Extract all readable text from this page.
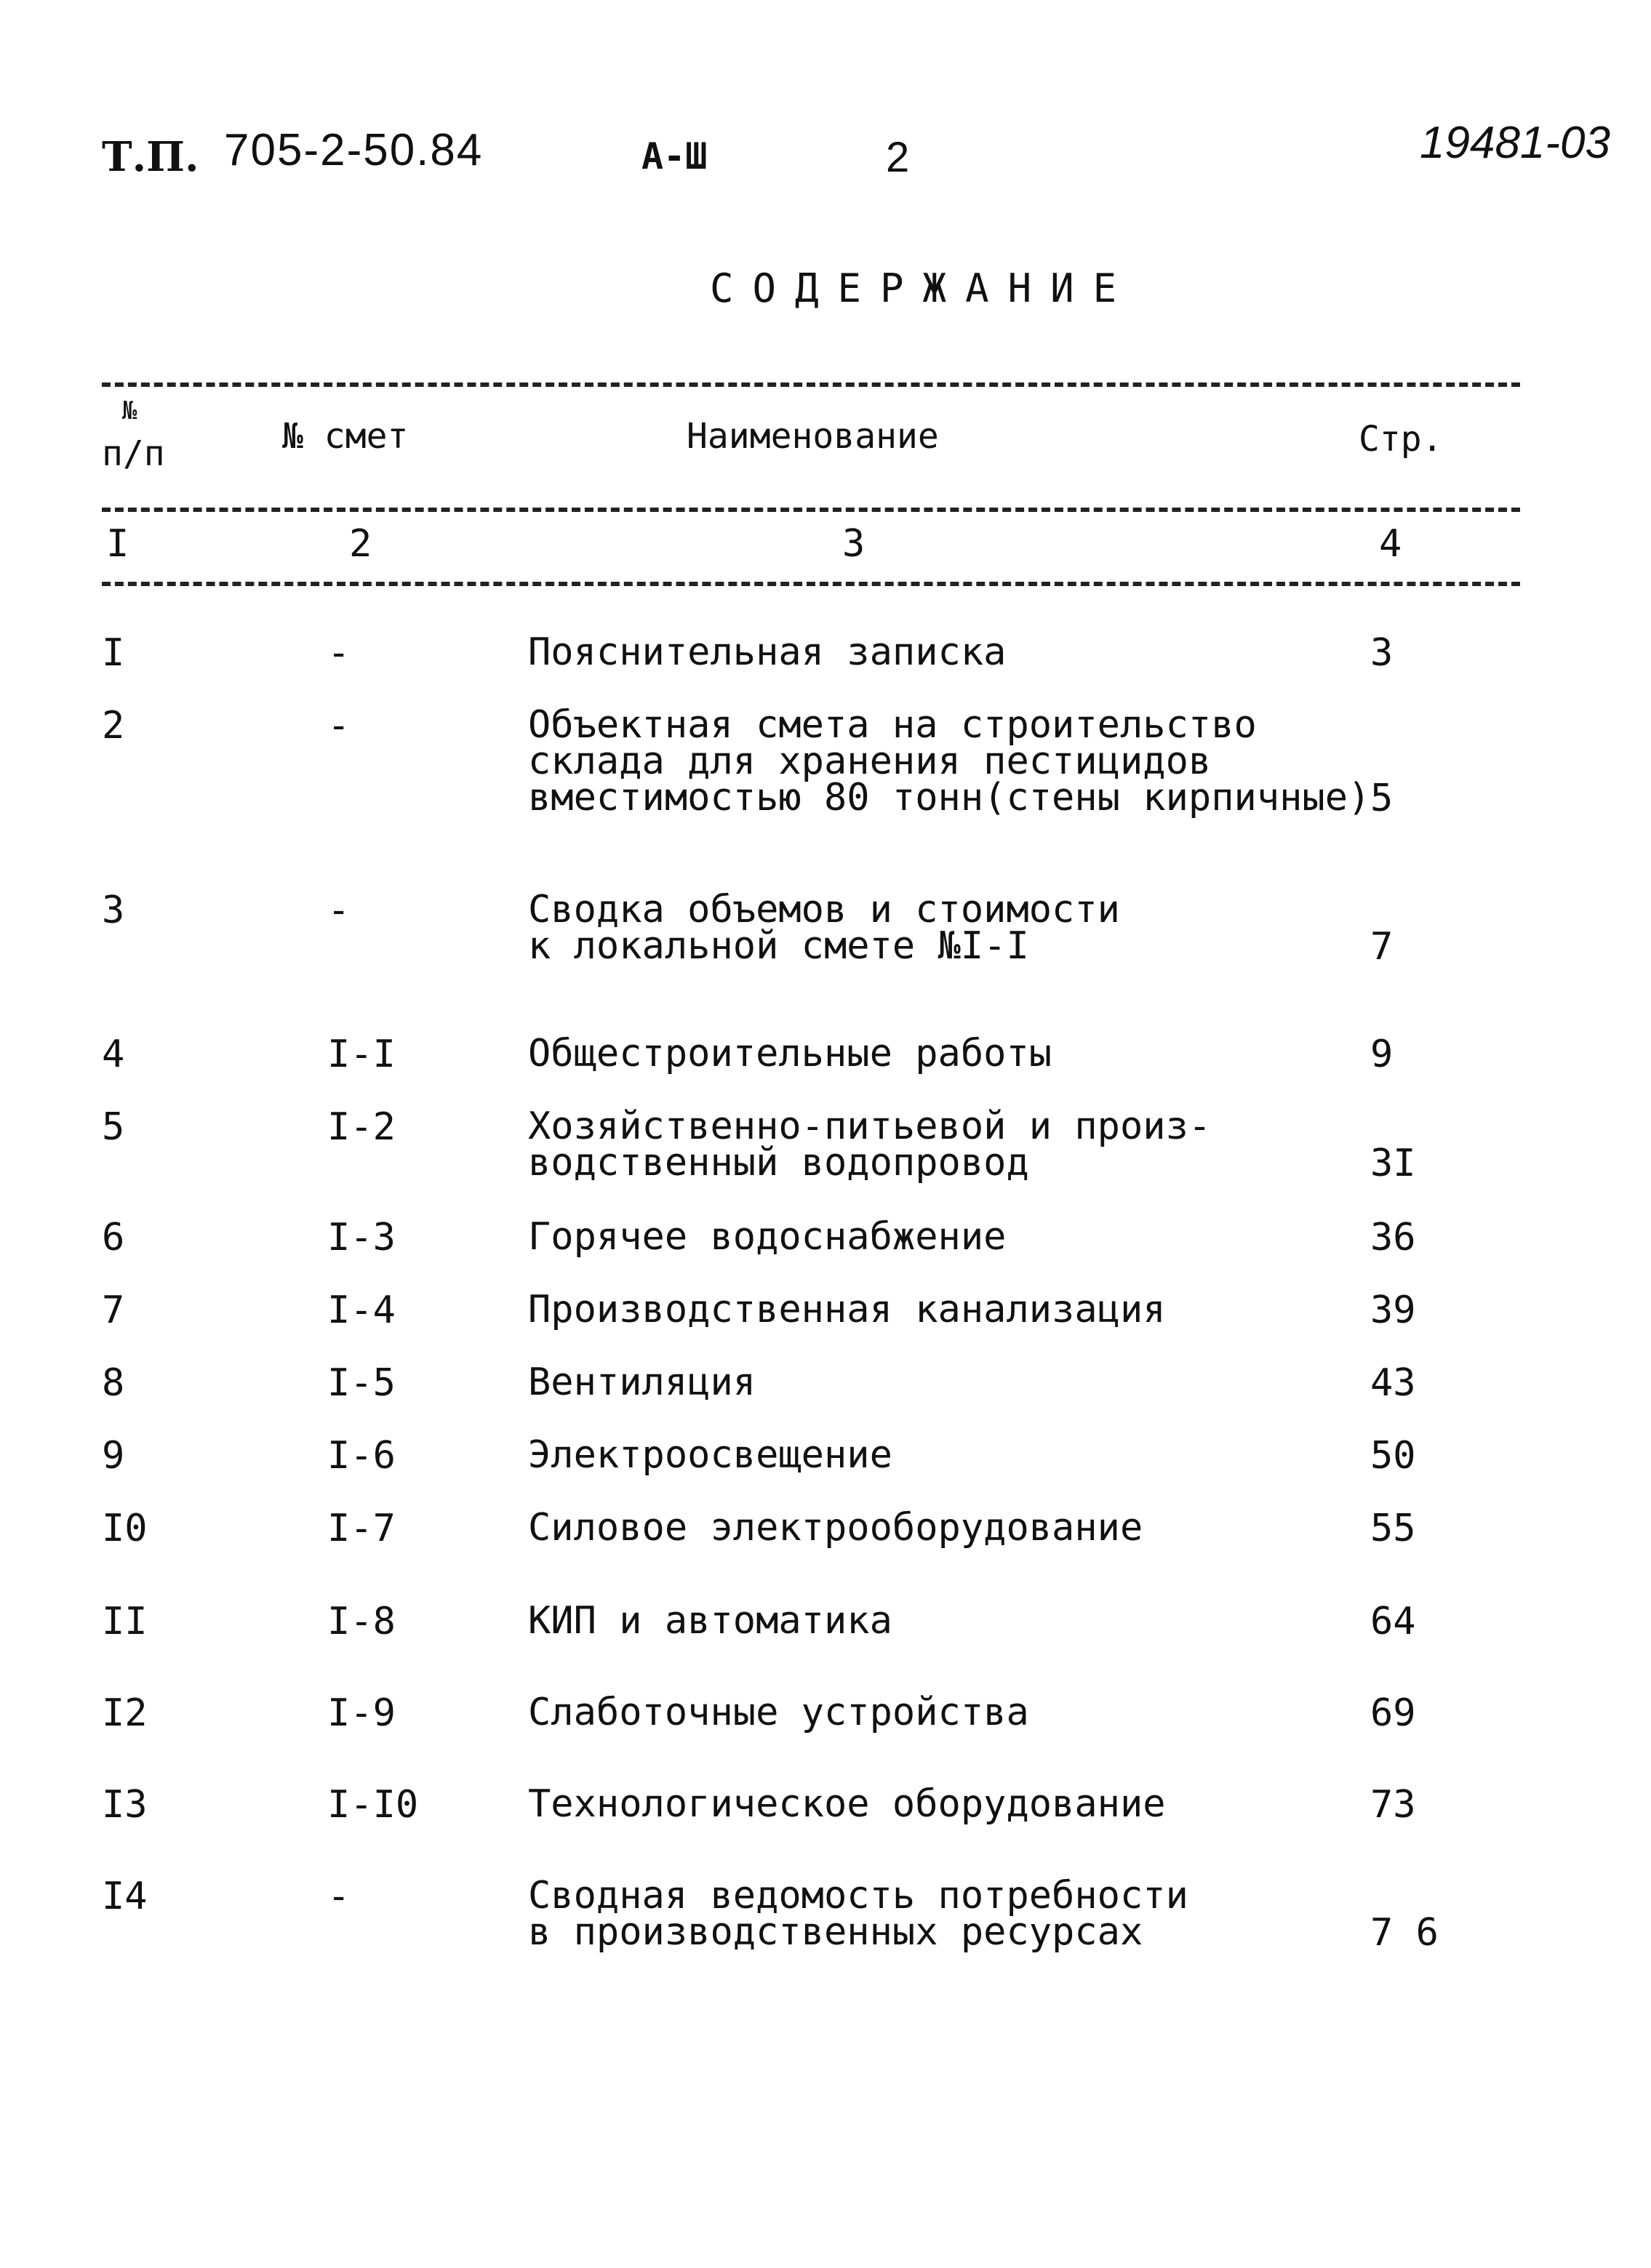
Т.П. 705-2-50.84	А-Ш	2	19481-03
СОДЕРЖАНИЕ
№
п/п	№ смет	Наименование	Стр.
I	2	3	4
I	-	Пояснительная записка	3
2	-	Объектная смета на строительство
склада для хранения пестицидов
вместимостью 80 тонн(стены кирпичные) 5
3	-	Сводка объемов и стоимости
к локальной смете №I-I	7
4	I-I	Общестроительные работы	9
5	I-2	Хозяйственно-питьевой и произ-
водственный водопровод	3I
6	I-3	Горячее водоснабжение	36
7	I-4	Производственная канализация	39
8	I-5	Вентиляция	43
9	I-6	Электроосвещение	50
I0	I-7	Силовое электрооборудование	55
II	I-8	КИП и автоматика	64
I2	I-9	Слаботочные устройства	69
I3	I-I0	Технологическое оборудование	73
I4	-	Сводная ведомость потребности
в производственных ресурсах	7 6
